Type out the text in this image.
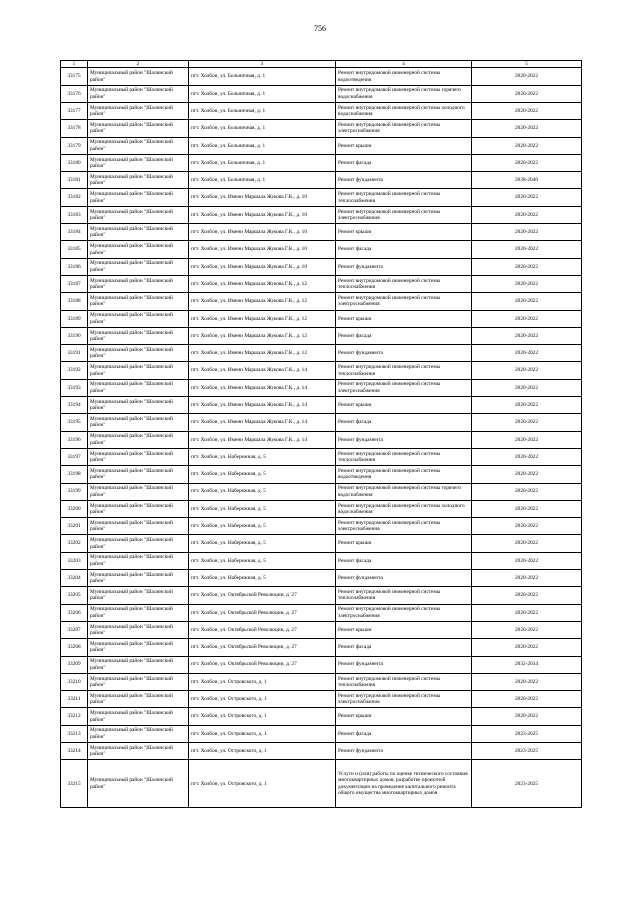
756
1	2	3	4	5
33175	Муниципальный район "Шалинский район"	пгт. Холбон, ул. Больничная, д. 1	Ремонт внутридомовой инженерной системы водоотведения	2020-2022
33176	Муниципальный район "Шалинский район"	пгт. Холбон, ул. Больничная, д. 1	Ремонт внутридомовой инженерной системы горячего водоснабжения	2020-2022
33177	Муниципальный район "Шалинский район"	пгт. Холбон, ул. Больничная, д. 1	Ремонт внутридомовой инженерной системы холодного водоснабжения	2020-2022
33178	Муниципальный район "Шалинский район"	пгт. Холбон, ул. Больничная, д. 1	Ремонт внутридомовой инженерной системы электроснабжения	2020-2022
33179	Муниципальный район "Шалинский район"	пгт. Холбон, ул. Больничная, д. 1	Ремонт крыши	2020-2022
33180	Муниципальный район "Шалинский район"	пгт. Холбон, ул. Больничная, д. 1	Ремонт фасада	2020-2022
33181	Муниципальный район "Шалинский район"	пгт. Холбон, ул. Больничная, д. 1	Ремонт фундамента	2038-2040
33182	Муниципальный район "Шалинский район"	пгт. Холбон, ул. Имени Маршала Жукова Г.К., д. 10	Ремонт внутридомовой инженерной системы теплоснабжения	2020-2022
33183	Муниципальный район "Шалинский район"	пгт. Холбон, ул. Имени Маршала Жукова Г.К., д. 10	Ремонт внутридомовой инженерной системы электроснабжения	2020-2022
33184	Муниципальный район "Шалинский район"	пгт. Холбон, ул. Имени Маршала Жукова Г.К., д. 10	Ремонт крыши	2020-2022
33185	Муниципальный район "Шалинский район"	пгт. Холбон, ул. Имени Маршала Жукова Г.К., д. 10	Ремонт фасада	2020-2022
33186	Муниципальный район "Шалинский район"	пгт. Холбон, ул. Имени Маршала Жукова Г.К., д. 10	Ремонт фундамента	2020-2022
33187	Муниципальный район "Шалинский район"	пгт. Холбон, ул. Имени Маршала Жукова Г.К., д. 12	Ремонт внутридомовой инженерной системы теплоснабжения	2020-2022
33188	Муниципальный район "Шалинский район"	пгт. Холбон, ул. Имени Маршала Жукова Г.К., д. 12	Ремонт внутридомовой инженерной системы электроснабжения	2020-2022
33189	Муниципальный район "Шалинский район"	пгт. Холбон, ул. Имени Маршала Жукова Г.К., д. 12	Ремонт крыши	2020-2022
33190	Муниципальный район "Шалинский район"	пгт. Холбон, ул. Имени Маршала Жукова Г.К., д. 12	Ремонт фасада	2020-2022
33191	Муниципальный район "Шалинский район"	пгт. Холбон, ул. Имени Маршала Жукова Г.К., д. 12	Ремонт фундамента	2020-2022
33192	Муниципальный район "Шалинский район"	пгт. Холбон, ул. Имени Маршала Жукова Г.К., д. 14	Ремонт внутридомовой инженерной системы теплоснабжения	2020-2022
33193	Муниципальный район "Шалинский район"	пгт. Холбон, ул. Имени Маршала Жукова Г.К., д. 14	Ремонт внутридомовой инженерной системы электроснабжения	2020-2022
33194	Муниципальный район "Шалинский район"	пгт. Холбон, ул. Имени Маршала Жукова Г.К., д. 14	Ремонт крыши	2020-2022
33195	Муниципальный район "Шалинский район"	пгт. Холбон, ул. Имени Маршала Жукова Г.К., д. 14	Ремонт фасада	2020-2022
33196	Муниципальный район "Шалинский район"	пгт. Холбон, ул. Имени Маршала Жукова Г.К., д. 14	Ремонт фундамента	2020-2022
33197	Муниципальный район "Шалинский район"	пгт. Холбон, ул. Набережная, д. 5	Ремонт внутридомовой инженерной системы теплоснабжения	2020-2022
33198	Муниципальный район "Шалинский район"	пгт. Холбон, ул. Набережная, д. 5	Ремонт внутридомовой инженерной системы водоотведения	2020-2022
33199	Муниципальный район "Шалинский район"	пгт. Холбон, ул. Набережная, д. 5	Ремонт внутридомовой инженерной системы горячего водоснабжения	2020-2022
33200	Муниципальный район "Шалинский район"	пгт. Холбон, ул. Набережная, д. 5	Ремонт внутридомовой инженерной системы холодного водоснабжения	2020-2022
33201	Муниципальный район "Шалинский район"	пгт. Холбон, ул. Набережная, д. 5	Ремонт внутридомовой инженерной системы электроснабжения	2020-2022
33202	Муниципальный район "Шалинский район"	пгт. Холбон, ул. Набережная, д. 5	Ремонт крыши	2020-2022
33203	Муниципальный район "Шалинский район"	пгт. Холбон, ул. Набережная, д. 5	Ремонт фасада	2020-2022
33204	Муниципальный район "Шалинский район"	пгт. Холбон, ул. Набережная, д. 5	Ремонт фундамента	2020-2022
33205	Муниципальный район "Шалинский район"	пгт. Холбон, ул. Октябрьской Революции, д. 27	Ремонт внутридомовой инженерной системы теплоснабжения	2020-2022
33206	Муниципальный район "Шалинский район"	пгт. Холбон, ул. Октябрьской Революции, д. 27	Ремонт внутридомовой инженерной системы электроснабжения	2020-2022
33207	Муниципальный район "Шалинский район"	пгт. Холбон, ул. Октябрьской Революции, д. 27	Ремонт крыши	2020-2022
33208	Муниципальный район "Шалинский район"	пгт. Холбон, ул. Октябрьской Революции, д. 27	Ремонт фасада	2020-2022
33209	Муниципальный район "Шалинский район"	пгт. Холбон, ул. Октябрьской Революции, д. 27	Ремонт фундамента	2032-2034
33210	Муниципальный район "Шалинский район"	пгт. Холбон, ул. Островского, д. 1	Ремонт внутридомовой инженерной системы теплоснабжения	2020-2022
33211	Муниципальный район "Шалинский район"	пгт. Холбон, ул. Островского, д. 1	Ремонт внутридомовой инженерной системы электроснабжения	2020-2022
33212	Муниципальный район "Шалинский район"	пгт. Холбон, ул. Островского, д. 1	Ремонт крыши	2020-2022
33213	Муниципальный район "Шалинский район"	пгт. Холбон, ул. Островского, д. 1	Ремонт фасада	2023-2025
33214	Муниципальный район "Шалинский район"	пгт. Холбон, ул. Островского, д. 1	Ремонт фундамента	2023-2025
33215	Муниципальный район "Шалинский район"	пгт. Холбон, ул. Островского, д. 1	Услуги и (или) работы по оценке технического состояния многоквартирных домов, разработке проектной документации на проведение капитального ремонта общего имущества многоквартирных домов	2023-2025
